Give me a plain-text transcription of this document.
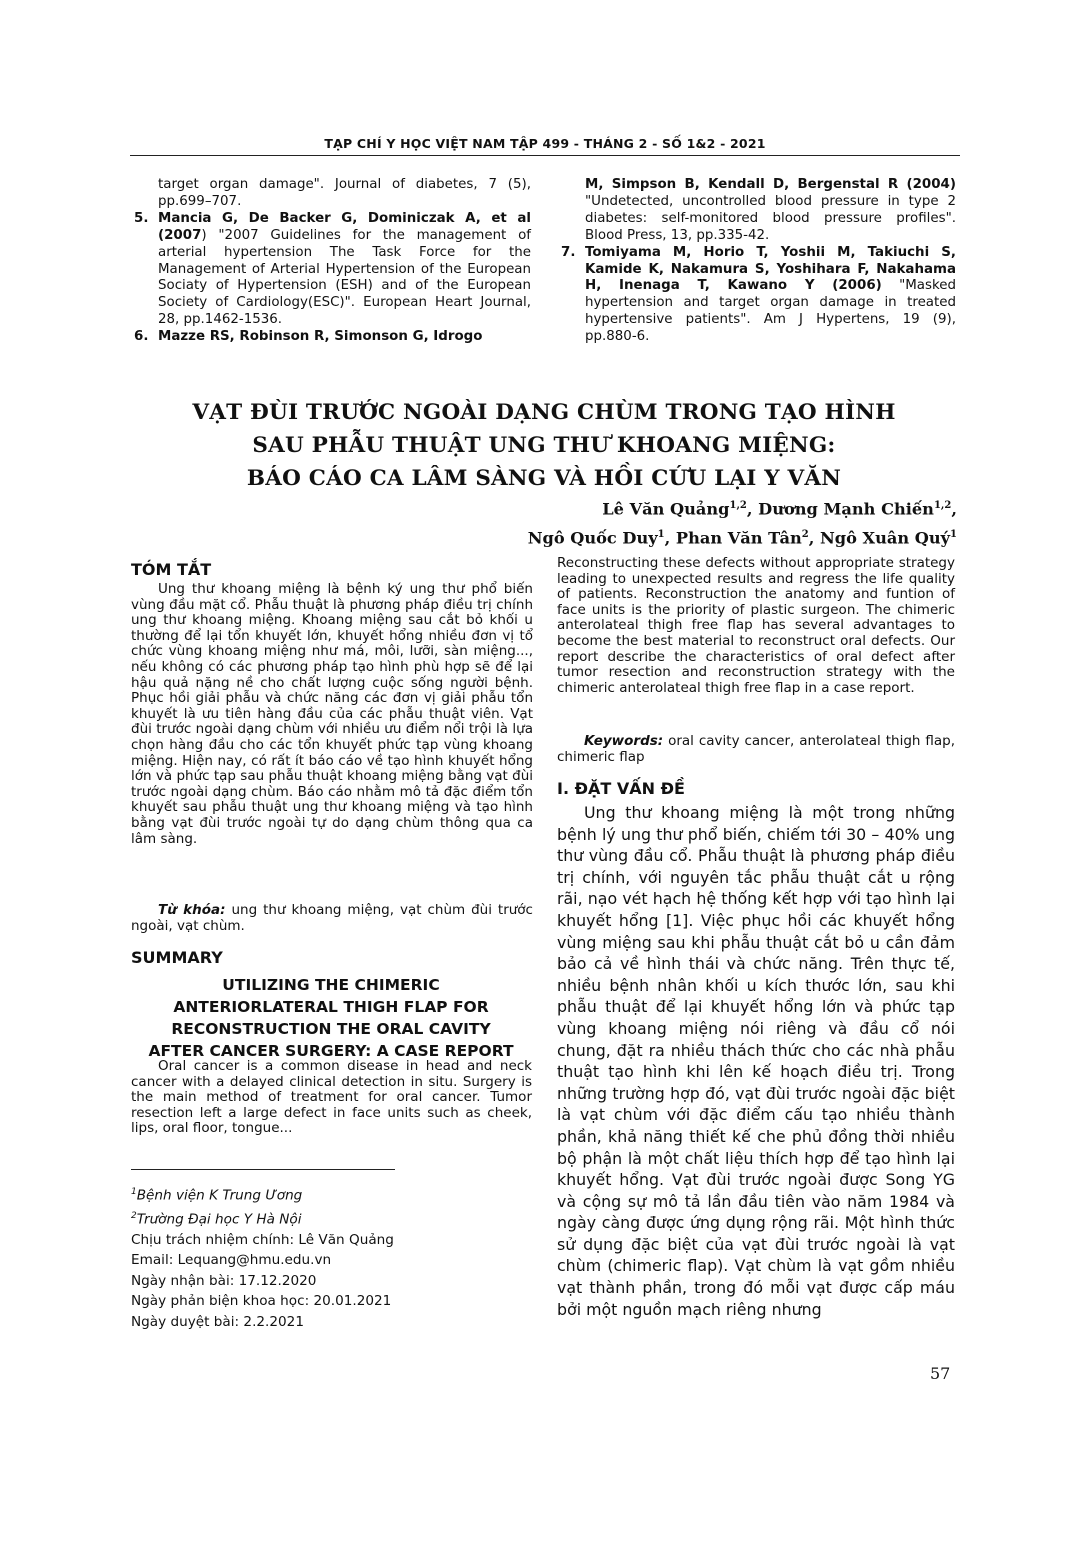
TẠP CHÍ Y HỌC VIỆT NAM TẬP 499 - THÁNG 2 - SỐ 1&2 - 2021

target organ damage". Journal of diabetes, 7 (5), pp.699–707.

5. Mancia G, De Backer G, Dominiczak A, et al (2007) "2007 Guidelines for the management of arterial hypertension The Task Force for the Management of Arterial Hypertension of the European Sociaty of Hypertension (ESH) and of the European Society of Cardiology(ESC)". European Heart Journal, 28, pp.1462-1536.

6. Mazze RS, Robinson R, Simonson G, Idrogo

M, Simpson B, Kendall D, Bergenstal R (2004) "Undetected, uncontrolled blood pressure in type 2 diabetes: self-monitored blood pressure profiles". Blood Press, 13, pp.335-42.

7. Tomiyama M, Horio T, Yoshii M, Takiuchi S, Kamide K, Nakamura S, Yoshihara F, Nakahama H, Inenaga T, Kawano Y (2006) "Masked hypertension and target organ damage in treated hypertensive patients". Am J Hypertens, 19 (9), pp.880-6.

VẠT ĐÙI TRƯỚC NGOÀI DẠNG CHÙM TRONG TẠO HÌNH
SAU PHẪU THUẬT UNG THƯ KHOANG MIỆNG:
BÁO CÁO CA LÂM SÀNG VÀ HỒI CỨU LẠI Y VĂN
Lê Văn Quảng$^{1,2}$, Dương Mạnh Chiến$^{1,2}$,
Ngô Quốc Duy$^1$, Phan Văn Tân$^2$, Ngô Xuân Quý$^1$
TÓM TẮT
Ung thư khoang miệng là bệnh ký ung thư phổ biến vùng đầu mặt cổ. Phẫu thuật là phương pháp điều trị chính ung thư khoang miệng. Khoang miệng sau cắt bỏ khối u thường để lại tổn khuyết lớn, khuyết hổng nhiều đơn vị tổ chức vùng khoang miệng như má, môi, lưỡi, sàn miệng..., nếu không có các phương pháp tạo hình phù hợp sẽ để lại hậu quả nặng nề cho chất lượng cuộc sống người bệnh. Phục hồi giải phẫu và chức năng các đơn vị giải phẫu tổn khuyết là ưu tiên hàng đầu của các phẫu thuật viên. Vạt đùi trước ngoài dạng chùm với nhiều ưu điểm nổi trội là lựa chọn hàng đầu cho các tổn khuyết phức tạp vùng khoang miệng. Hiện nay, có rất ít báo cáo về tạo hình khuyết hổng lớn và phức tạp sau phẫu thuật khoang miệng bằng vạt đùi trước ngoài dạng chùm. Báo cáo nhằm mô tả đặc điểm tổn khuyết sau phẫu thuật ung thư khoang miệng và tạo hình bằng vạt đùi trước ngoài tự do dạng chùm thông qua ca lâm sàng.
Từ khóa: ung thư khoang miệng, vạt chùm đùi trước ngoài, vạt chùm.
SUMMARY
UTILIZING THE CHIMERIC
ANTERIORLATERAL THIGH FLAP FOR
RECONSTRUCTION THE ORAL CAVITY
AFTER CANCER SURGERY: A CASE REPORT
Oral cancer is a common disease in head and neck cancer with a delayed clinical detection in situ. Surgery is the main method of treatment for oral cancer. Tumor resection left a large defect in face units such as cheek, lips, oral floor, tongue...
Reconstructing these defects without appropriate strategy leading to unexpected results and regress the life quality of patients. Reconstruction the anatomy and funtion of face units is the priority of plastic surgeon. The chimeric anterolateal thigh free flap has several advantages to become the best material to reconstruct oral defects. Our report describe the characteristics of oral defect after tumor resection and reconstruction strategy with the chimeric anterolateal thigh free flap in a case report.
Keywords: oral cavity cancer, anterolateal thigh flap, chimeric flap
I. ĐẶT VẤN ĐỀ
Ung thư khoang miệng là một trong những bệnh lý ung thư phổ biến, chiếm tới 30 – 40% ung thư vùng đầu cổ. Phẫu thuật là phương pháp điều trị chính, với nguyên tắc phẫu thuật cắt u rộng rãi, nạo vét hạch hệ thống kết hợp với tạo hình lại khuyết hổng [1]. Việc phục hồi các khuyết hổng vùng miệng sau khi phẫu thuật cắt bỏ u cần đảm bảo cả về hình thái và chức năng. Trên thực tế, nhiều bệnh nhân khối u kích thước lớn, sau khi phẫu thuật để lại khuyết hổng lớn và phức tạp vùng khoang miệng nói riêng và đầu cổ nói chung, đặt ra nhiều thách thức cho các nhà phẫu thuật tạo hình khi lên kế hoạch điều trị. Trong những trường hợp đó, vạt đùi trước ngoài đặc biệt là vạt chùm với đặc điểm cấu tạo nhiều thành phần, khả năng thiết kế che phủ đồng thời nhiều bộ phận là một chất liệu thích hợp để tạo hình lại khuyết hổng. Vạt đùi trước ngoài được Song YG và cộng sự mô tả lần đầu tiên vào năm 1984 và ngày càng được ứng dụng rộng rãi. Một hình thức sử dụng đặc biệt của vạt đùi trước ngoài là vạt chùm (chimeric flap). Vạt chùm là vạt gồm nhiều vạt thành phần, trong đó mỗi vạt được cấp máu bởi một nguồn mạch riêng nhưng
$^1$Bệnh viện K Trung Ương
$^2$Trường Đại học Y Hà Nội
Chịu trách nhiệm chính: Lê Văn Quảng
Email: Lequang@hmu.edu.vn
Ngày nhận bài: 17.12.2020
Ngày phản biện khoa học: 20.01.2021
Ngày duyệt bài: 2.2.2021
57
